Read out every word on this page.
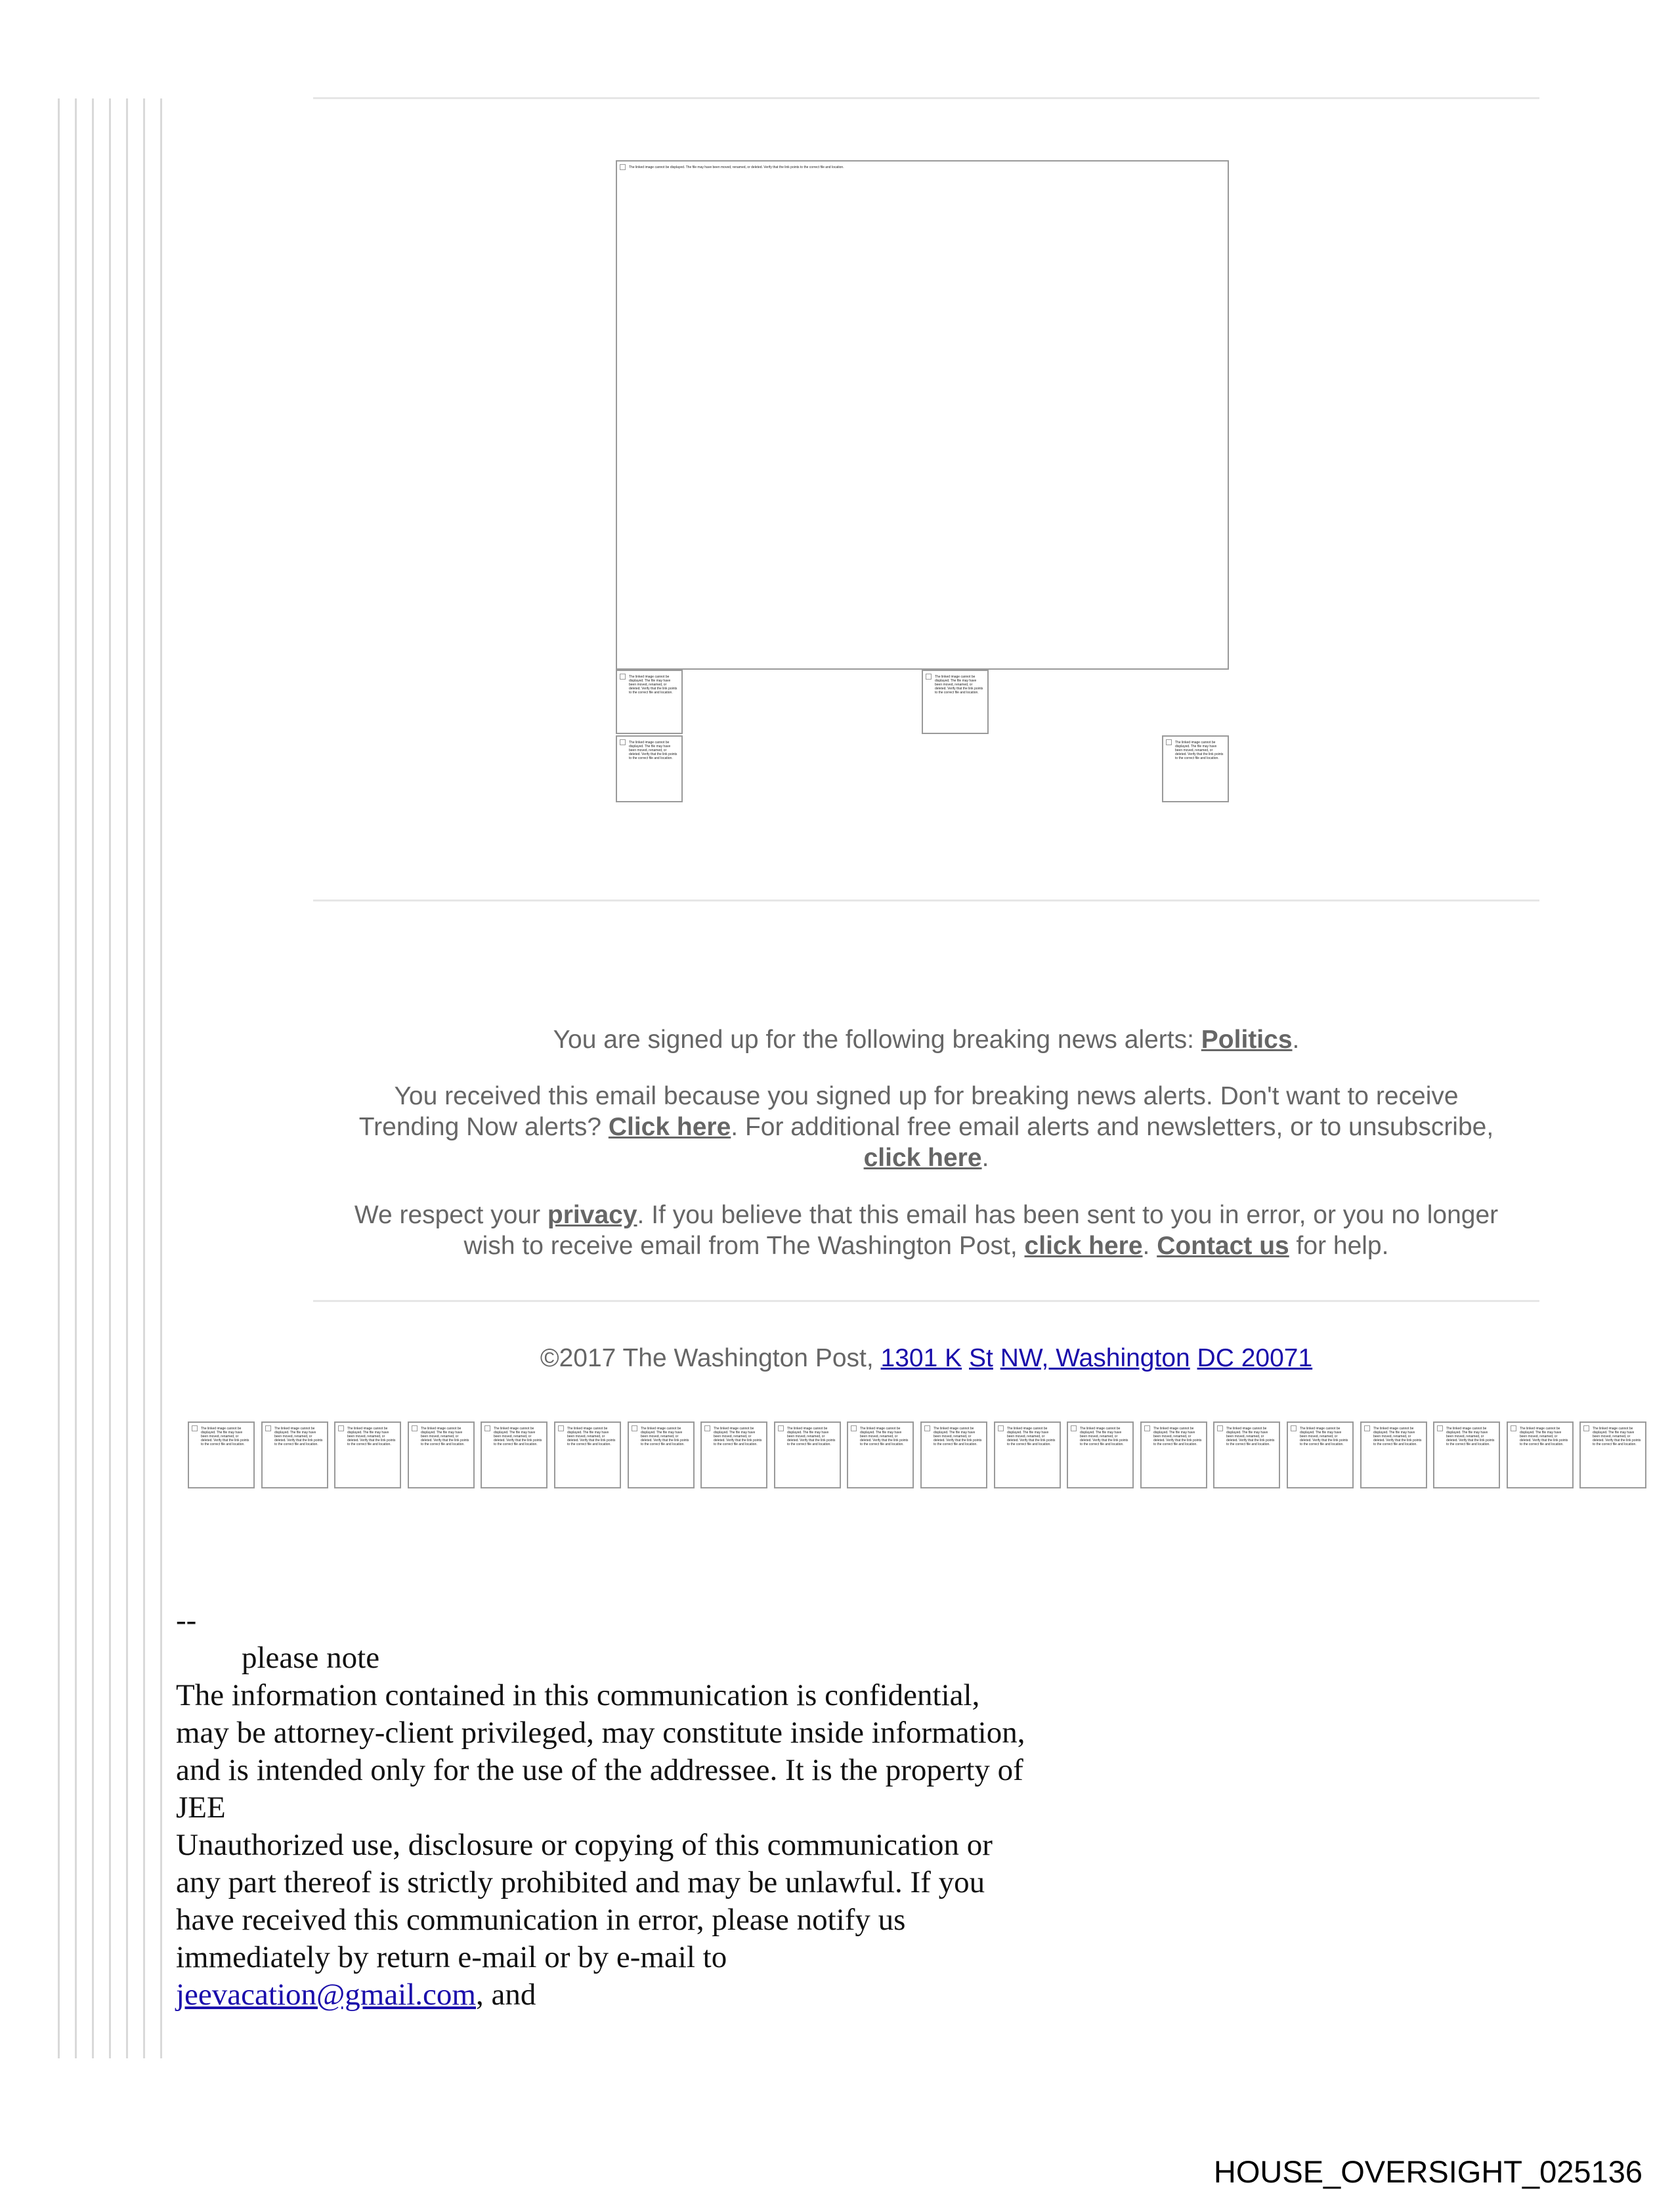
The linked image cannot be displayed. The file may have been moved, renamed, or deleted. Verify that the link points to the correct file and location.
The linked image cannot be displayed. The file may have been moved, renamed, or deleted. Verify that the link points to the correct file and location.
The linked image cannot be displayed. The file may have been moved, renamed, or deleted. Verify that the link points to the correct file and location.
The linked image cannot be displayed. The file may have been moved, renamed, or deleted. Verify that the link points to the correct file and location.
The linked image cannot be displayed. The file may have been moved, renamed, or deleted. Verify that the link points to the correct file and location.
You are signed up for the following breaking news alerts: Politics.
You received this email because you signed up for breaking news alerts. Don't want to receive Trending Now alerts? Click here. For additional free email alerts and newsletters, or to unsubscribe, click here.
We respect your privacy. If you believe that this email has been sent to you in error, or you no longer wish to receive email from The Washington Post, click here. Contact us for help.
©2017 The Washington Post, 1301 K St NW, Washington DC 20071
The linked image cannot be displayed. The file may have been moved, renamed, or deleted. Verify that the link points to the correct file and location.
The linked image cannot be displayed. The file may have been moved, renamed, or deleted. Verify that the link points to the correct file and location.
The linked image cannot be displayed. The file may have been moved, renamed, or deleted. Verify that the link points to the correct file and location.
The linked image cannot be displayed. The file may have been moved, renamed, or deleted. Verify that the link points to the correct file and location.
The linked image cannot be displayed. The file may have been moved, renamed, or deleted. Verify that the link points to the correct file and location.
The linked image cannot be displayed. The file may have been moved, renamed, or deleted. Verify that the link points to the correct file and location.
The linked image cannot be displayed. The file may have been moved, renamed, or deleted. Verify that the link points to the correct file and location.
The linked image cannot be displayed. The file may have been moved, renamed, or deleted. Verify that the link points to the correct file and location.
The linked image cannot be displayed. The file may have been moved, renamed, or deleted. Verify that the link points to the correct file and location.
The linked image cannot be displayed. The file may have been moved, renamed, or deleted. Verify that the link points to the correct file and location.
The linked image cannot be displayed. The file may have been moved, renamed, or deleted. Verify that the link points to the correct file and location.
The linked image cannot be displayed. The file may have been moved, renamed, or deleted. Verify that the link points to the correct file and location.
The linked image cannot be displayed. The file may have been moved, renamed, or deleted. Verify that the link points to the correct file and location.
The linked image cannot be displayed. The file may have been moved, renamed, or deleted. Verify that the link points to the correct file and location.
The linked image cannot be displayed. The file may have been moved, renamed, or deleted. Verify that the link points to the correct file and location.
The linked image cannot be displayed. The file may have been moved, renamed, or deleted. Verify that the link points to the correct file and location.
The linked image cannot be displayed. The file may have been moved, renamed, or deleted. Verify that the link points to the correct file and location.
The linked image cannot be displayed. The file may have been moved, renamed, or deleted. Verify that the link points to the correct file and location.
The linked image cannot be displayed. The file may have been moved, renamed, or deleted. Verify that the link points to the correct file and location.
The linked image cannot be displayed. The file may have been moved, renamed, or deleted. Verify that the link points to the correct file and location.
--
please note
The information contained in this communication is confidential, may be attorney-client privileged, may constitute inside information, and is intended only for the use of the addressee. It is the property of
JEE
Unauthorized use, disclosure or copying of this communication or any part thereof is strictly prohibited and may be unlawful. If you have received this communication in error, please notify us immediately by return e-mail or by e-mail to jeevacation@gmail.com, and
HOUSE_OVERSIGHT_025136
